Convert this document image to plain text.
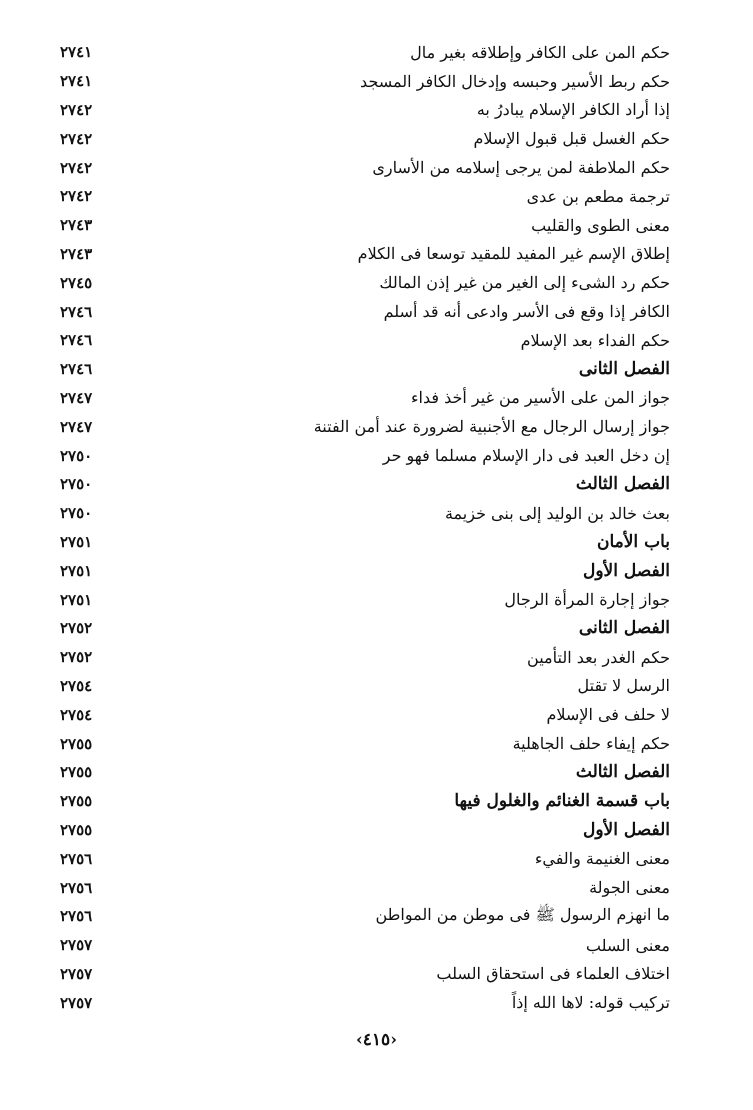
٢٧٤١	حكم المن على الكافر وإطلاقه بغير مال
٢٧٤١	حكم ربط الأسير وحبسه وإدخال الكافر المسجد
٢٧٤٢	إذا أراد الكافر الإسلام يبادرُ به
٢٧٤٢	حكم الغسل قبل قبول الإسلام
٢٧٤٢	حكم الملاطفة لمن يرجى إسلامه من الأسارى
٢٧٤٢	ترجمة مطعم بن عدى
٢٧٤٣	معنى الطوى والقليب
٢٧٤٣	إطلاق الإسم غير المفيد للمقيد توسعا فى الكلام
٢٧٤٥	حكم رد الشىء إلى الغير من غير إذن المالك
٢٧٤٦	الكافر إذا وقع فى الأسر وادعى أنه قد أسلم
٢٧٤٦	حكم الفداء بعد الإسلام
٢٧٤٦	الفصل الثانى
٢٧٤٧	جواز المن على الأسير من غير أخذ فداء
٢٧٤٧	جواز إرسال الرجال مع الأجنبية لضرورة عند أمن الفتنة
٢٧٥٠	إن دخل العبد فى دار الإسلام مسلما فهو حر
٢٧٥٠	الفصل الثالث
٢٧٥٠	بعث خالد بن الوليد إلى بنى خزيمة
٢٧٥١	باب الأمان
٢٧٥١	الفصل الأول
٢٧٥١	جواز إجارة المرأة الرجال
٢٧٥٢	الفصل الثانى
٢٧٥٢	حكم الغدر بعد التأمين
٢٧٥٤	الرسل لا تقتل
٢٧٥٤	لا حلف فى الإسلام
٢٧٥٥	حكم إيفاء حلف الجاهلية
٢٧٥٥	الفصل الثالث
٢٧٥٥	باب قسمة الغنائم والغلول فيها
٢٧٥٥	الفصل الأول
٢٧٥٦	معنى الغنيمة والفيء
٢٧٥٦	معنى الجولة
٢٧٥٦	ما انهزم الرسول ﷺ فى موطن من المواطن
٢٧٥٧	معنى السلب
٢٧٥٧	اختلاف العلماء فى استحقاق السلب
٢٧٥٧	تركيب قوله: لاها الله إذاً
‹ ٤١٥ ›
